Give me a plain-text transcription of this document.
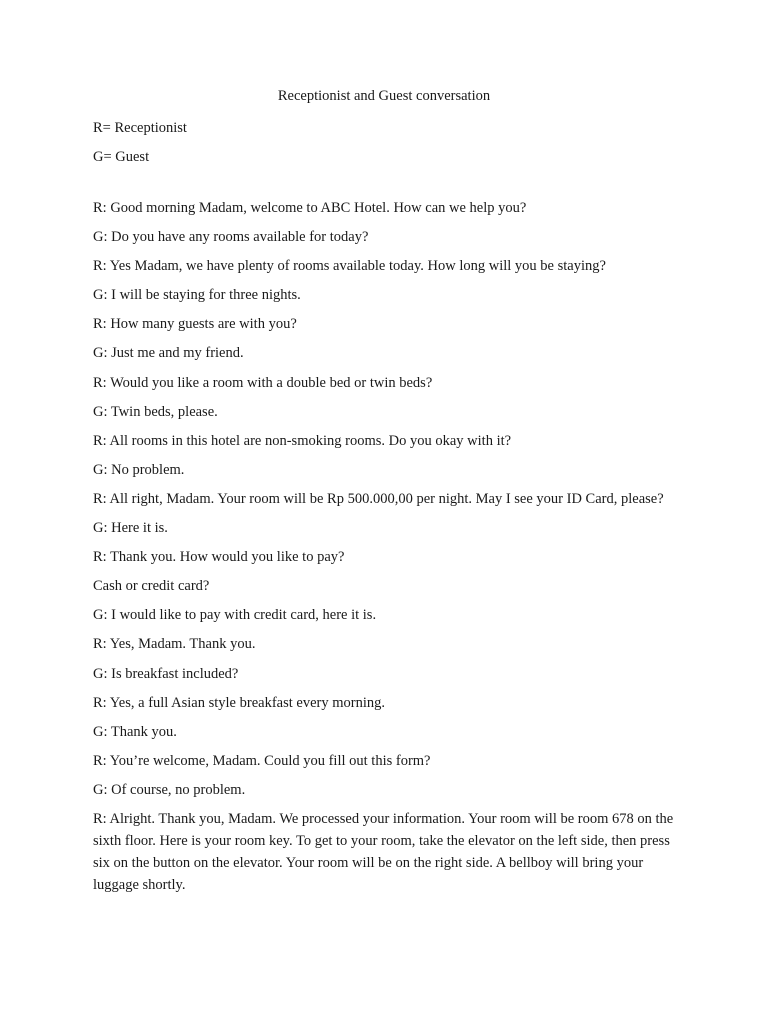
Receptionist and Guest conversation
R= Receptionist
G= Guest
R: Good morning Madam, welcome to ABC Hotel. How can we help you?
G: Do you have any rooms available for today?
R: Yes Madam, we have plenty of rooms available today. How long will you be staying?
G: I will be staying for three nights.
R: How many guests are with you?
G: Just me and my friend.
R: Would you like a room with a double bed or twin beds?
G: Twin beds, please.
R: All rooms in this hotel are non-smoking rooms. Do you okay with it?
G: No problem.
R: All right, Madam. Your room will be Rp 500.000,00 per night. May I see your ID Card, please?
G: Here it is.
R: Thank you. How would you like to pay?
Cash or credit card?
G: I would like to pay with credit card, here it is.
R: Yes, Madam. Thank you.
G: Is breakfast included?
R: Yes, a full Asian style breakfast every morning.
G: Thank you.
R: You’re welcome, Madam. Could you fill out this form?
G: Of course, no problem.
R: Alright. Thank you, Madam. We processed your information. Your room will be room 678 on the sixth floor. Here is your room key. To get to your room, take the elevator on the left side, then press six on the button on the elevator. Your room will be on the right side. A bellboy will bring your luggage shortly.
